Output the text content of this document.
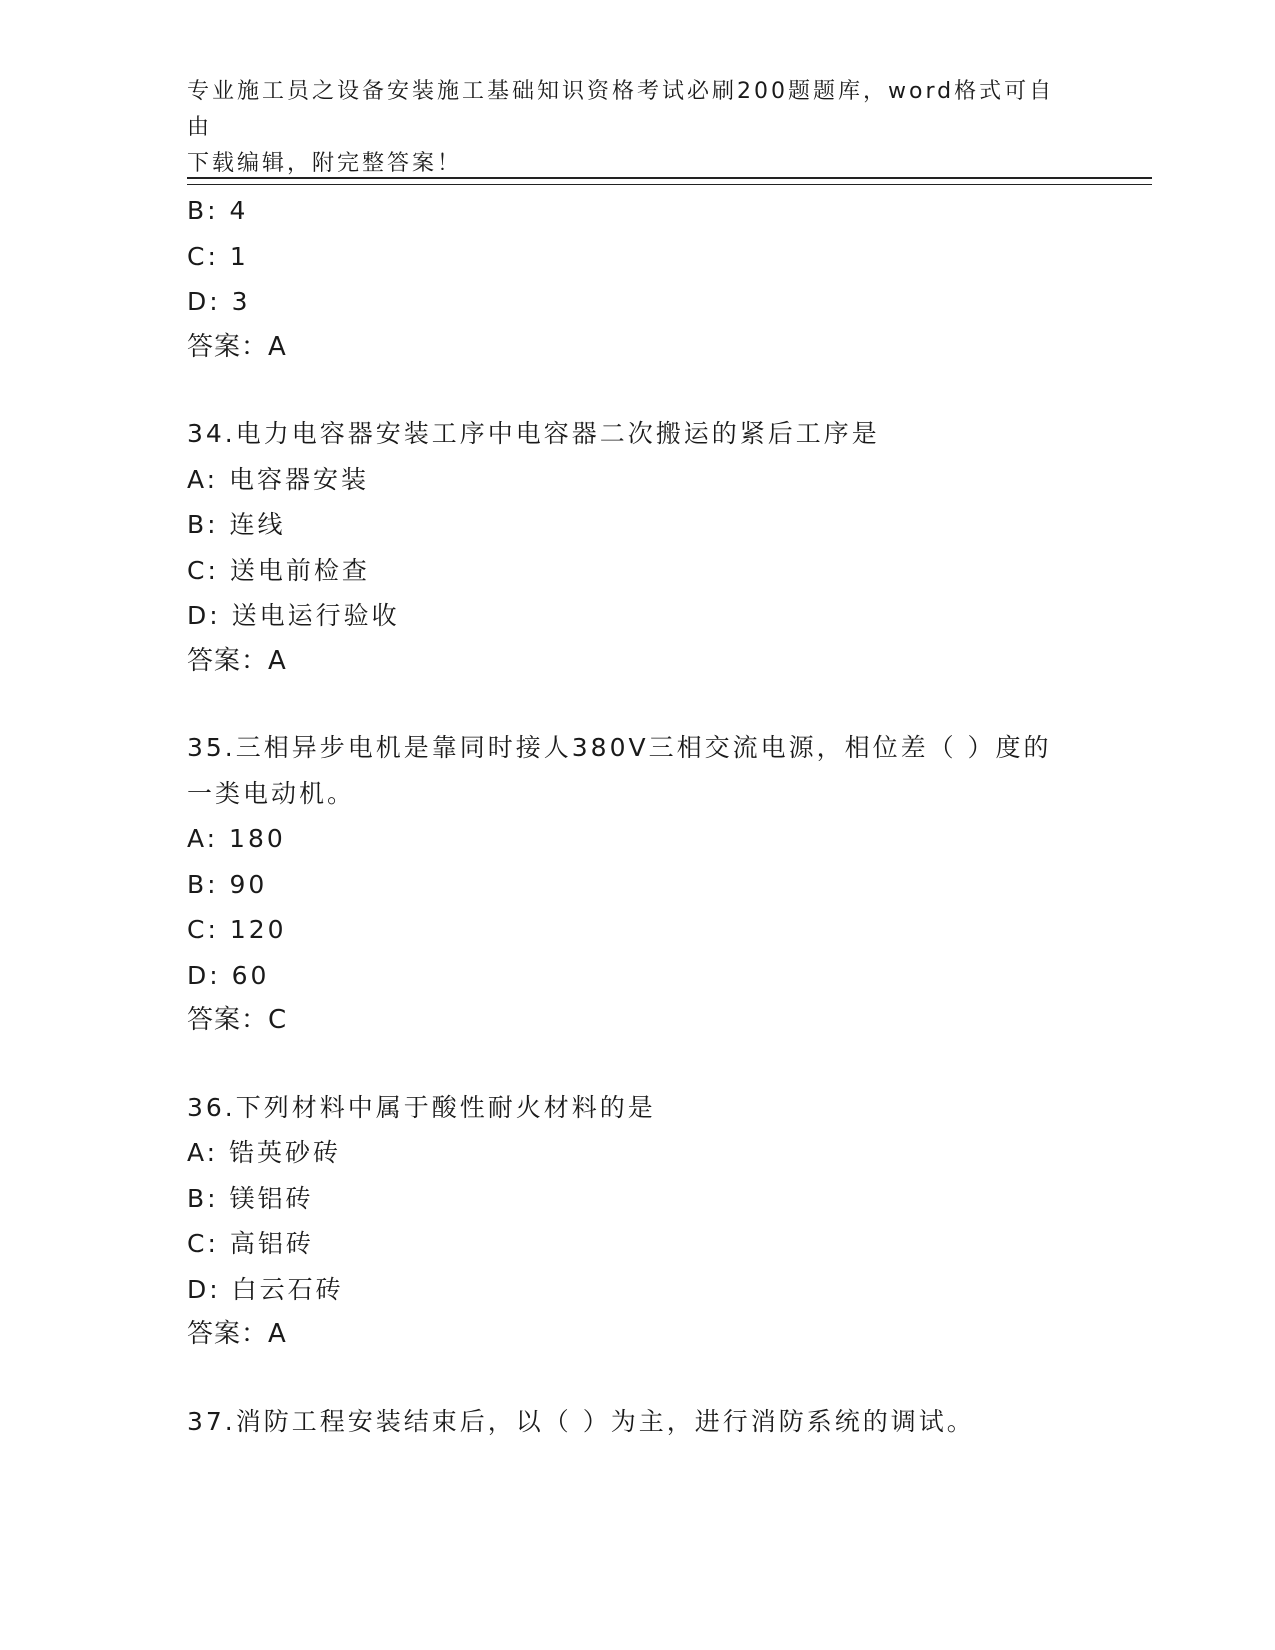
专业施工员之设备安装施工基础知识资格考试必刷200题题库，word格式可自由
下载编辑，附完整答案！
B: 4
C: 1
D: 3
答案：A
34.电力电容器安装工序中电容器二次搬运的紧后工序是
A: 电容器安装
B: 连线
C: 送电前检查
D: 送电运行验收
答案：A
35.三相异步电机是靠同时接人380V三相交流电源，相位差（ ）度的
一类电动机。
A: 180
B: 90
C: 120
D: 60
答案：C
36.下列材料中属于酸性耐火材料的是
A: 锆英砂砖
B: 镁铝砖
C: 高铝砖
D: 白云石砖
答案：A
37.消防工程安装结束后，以（ ）为主，进行消防系统的调试。
